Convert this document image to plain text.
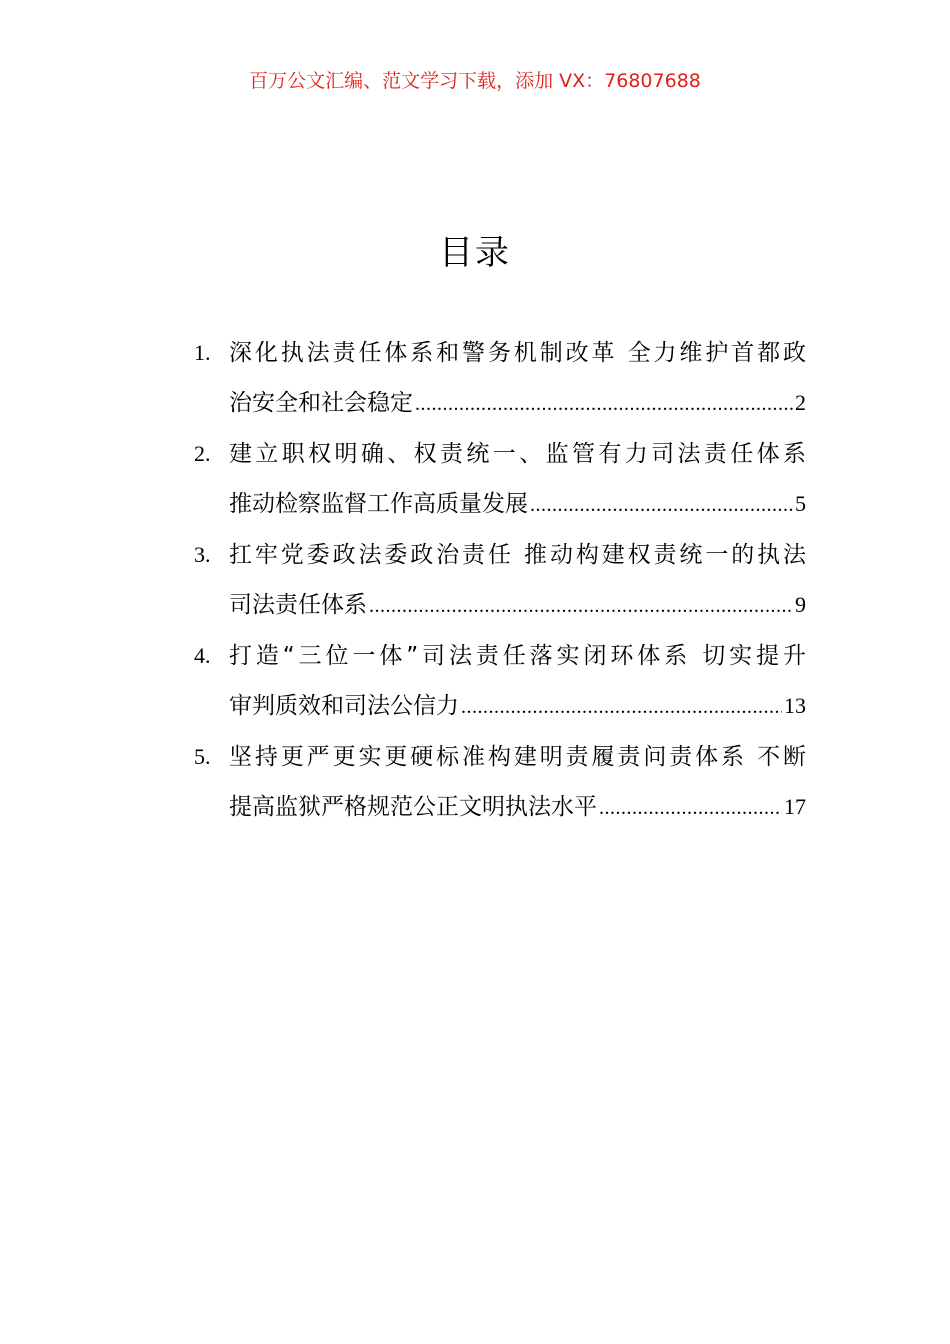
百万公文汇编、范文学习下载，添加 VX：76807688
目录
1. 深化执法责任体系和警务机制改革 全力维护首都政
治安全和社会稳定 .....	2
2. 建立职权明确、权责统一、监管有力司法责任体系
推动检察监督工作高质量发展 .....	5
3. 扛牢党委政法委政治责任 推动构建权责统一的执法
司法责任体系 .....	9
4. 打造“三位一体”司法责任落实闭环体系 切实提升
审判质效和司法公信力 .....	13
5. 坚持更严更实更硬标准构建明责履责问责体系 不断
提高监狱严格规范公正文明执法水平 .....	17
